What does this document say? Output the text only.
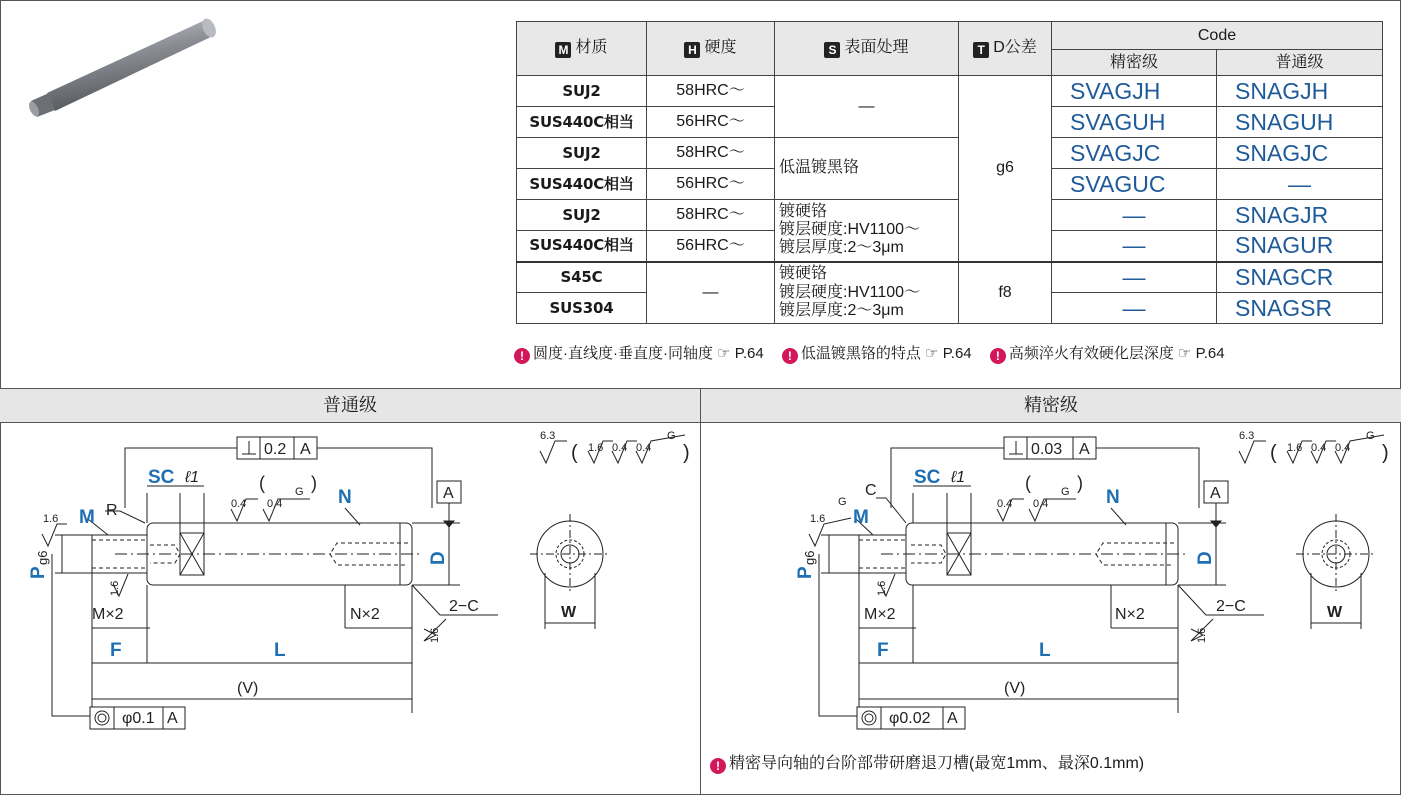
M 材质	H 硬度	S 表面处理	T D公差	Code	
				精密级	普通级
SUJ2	58HRC～	—	g6	SVAGJH	SNAGJH
SUS440C相当	56HRC～			SVAGUH	SNAGUH
SUJ2	58HRC～	低温镀黑铬		SVAGJC	SNAGJC
SUS440C相当	56HRC～			SVAGUC	—
SUJ2	58HRC～	镀硬铬
镀层硬度:HV1100～
镀层厚度:2～3μm		—	SNAGJR
SUS440C相当	56HRC～			—	SNAGUR
S45C	—	镀硬铬
镀层硬度:HV1100～
镀层厚度:2～3μm	f8	—	SNAGCR
SUS304				—	SNAGSR
! 圆度·直线度·垂直度·同轴度 ☞ P.64 ! 低温镀黑铬的特点 ☞ P.64 ! 高频淬火有效硬化层深度 ☞ P.64
普通级	精密级
0.2 A
A
R
M×2	N×2	2−C
(V)
φ0.1 A
W
ℓ1	(	)
(	)
0.4 0.4
G
1.6
1.6
1.6
6.3
1.6 0.4 0.4
G
SC
M
N
F	L
P
D
g6
0.03 A
A
C
M×2	N×2	2−C
(V)
φ0.02 A
W
ℓ1	(	)
(	)
0.4 0.4
G
1.6
G
1.6
1.6
6.3
1.6 0.4 0.4
G
SC
M
N
F	L
P
D
g6
! 精密导向轴的台阶部带研磨退刀槽(最宽1mm、最深0.1mm)
